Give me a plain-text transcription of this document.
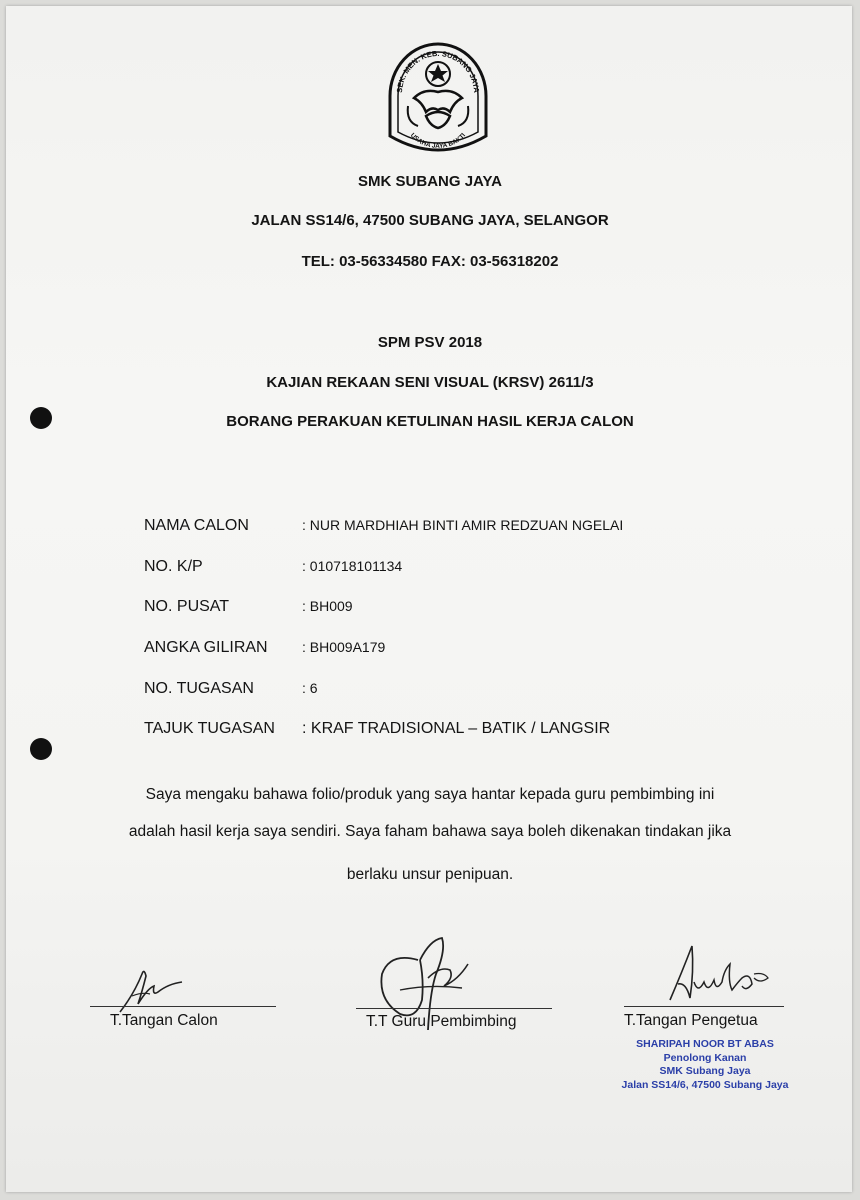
SEK. MEN. KEB. SUBANG JAYA
USAHA JAYA BAKTI
SMK SUBANG JAYA
JALAN SS14/6, 47500 SUBANG JAYA, SELANGOR
TEL: 03-56334580 FAX: 03-56318202
SPM PSV 2018
KAJIAN REKAAN SENI VISUAL (KRSV) 2611/3
BORANG PERAKUAN KETULINAN HASIL KERJA CALON
NAMA CALON	: NUR MARDHIAH BINTI AMIR REDZUAN NGELAI
NO. K/P	: 010718101134
NO. PUSAT	: BH009
ANGKA GILIRAN : BH009A179
NO. TUGASAN	: 6
TAJUK TUGASAN : KRAF TRADISIONAL – BATIK / LANGSIR
Saya mengaku bahawa folio/produk yang saya hantar kepada guru pembimbing ini
adalah hasil kerja saya sendiri. Saya faham bahawa saya boleh dikenakan tindakan jika
berlaku unsur penipuan.
T.Tangan Calon	T.T Guru Pembimbing	T.Tangan Pengetua
SHARIPAH NOOR BT ABAS
Penolong Kanan
SMK Subang Jaya
Jalan SS14/6, 47500 Subang Jaya
